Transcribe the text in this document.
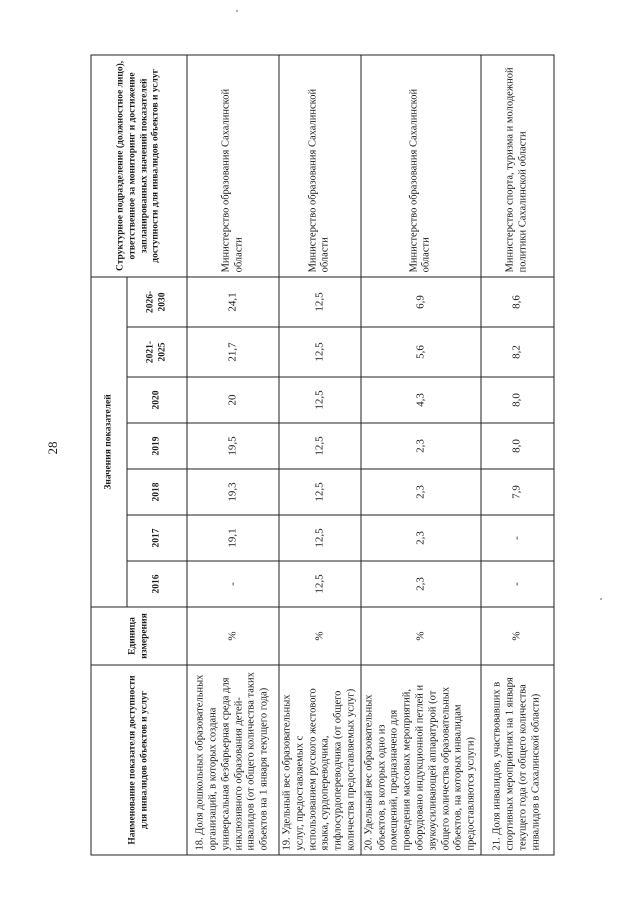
28
Наименование показателя доступности для инвалидов объектов и услуг	Единица измерения	Значения показателей							Структурное подразделение (должностное лицо), ответственное за мониторинг и достижение запланированных значений показателей доступности для инвалидов объектов и услуг
		2016	2017	2018	2019	2020	2021-2025	2026-2030	
18. Доля дошкольных образовательных организаций, в которых создана универсальная безбарьерная среда для инклюзивного образования детей-инвалидов (от общего количества таких объектов на 1 января текущего года)	%	-	19,1	19,3	19,5	20	21,7	24,1	Министерство образования Сахалинской области
19. Удельный вес образовательных услуг, предоставляемых с использованием русского жестового языка, сурдопереводчика, тифлосурдопереводчика (от общего количества предоставляемых услуг)	%	12,5	12,5	12,5	12,5	12,5	12,5	12,5	Министерство образования Сахалинской области
20. Удельный вес образовательных объектов, в которых одно из помещений, предназначено для проведения массовых мероприятий, оборудовано индукционной петлей и звукоусиливающей аппаратурой (от общего количества образовательных объектов, на которых инвалидам предоставляются услуги)	%	2,3	2,3	2,3	2,3	4,3	5,6	6,9	Министерство образования Сахалинской области
21. Доля инвалидов, участвовавших в спортивных мероприятиях на 1 января текущего года (от общего количества инвалидов в Сахалинской области)	%	-	-	7,9	8,0	8,0	8,2	8,6	Министерство спорта, туризма и молодежной политики Сахалинской области
